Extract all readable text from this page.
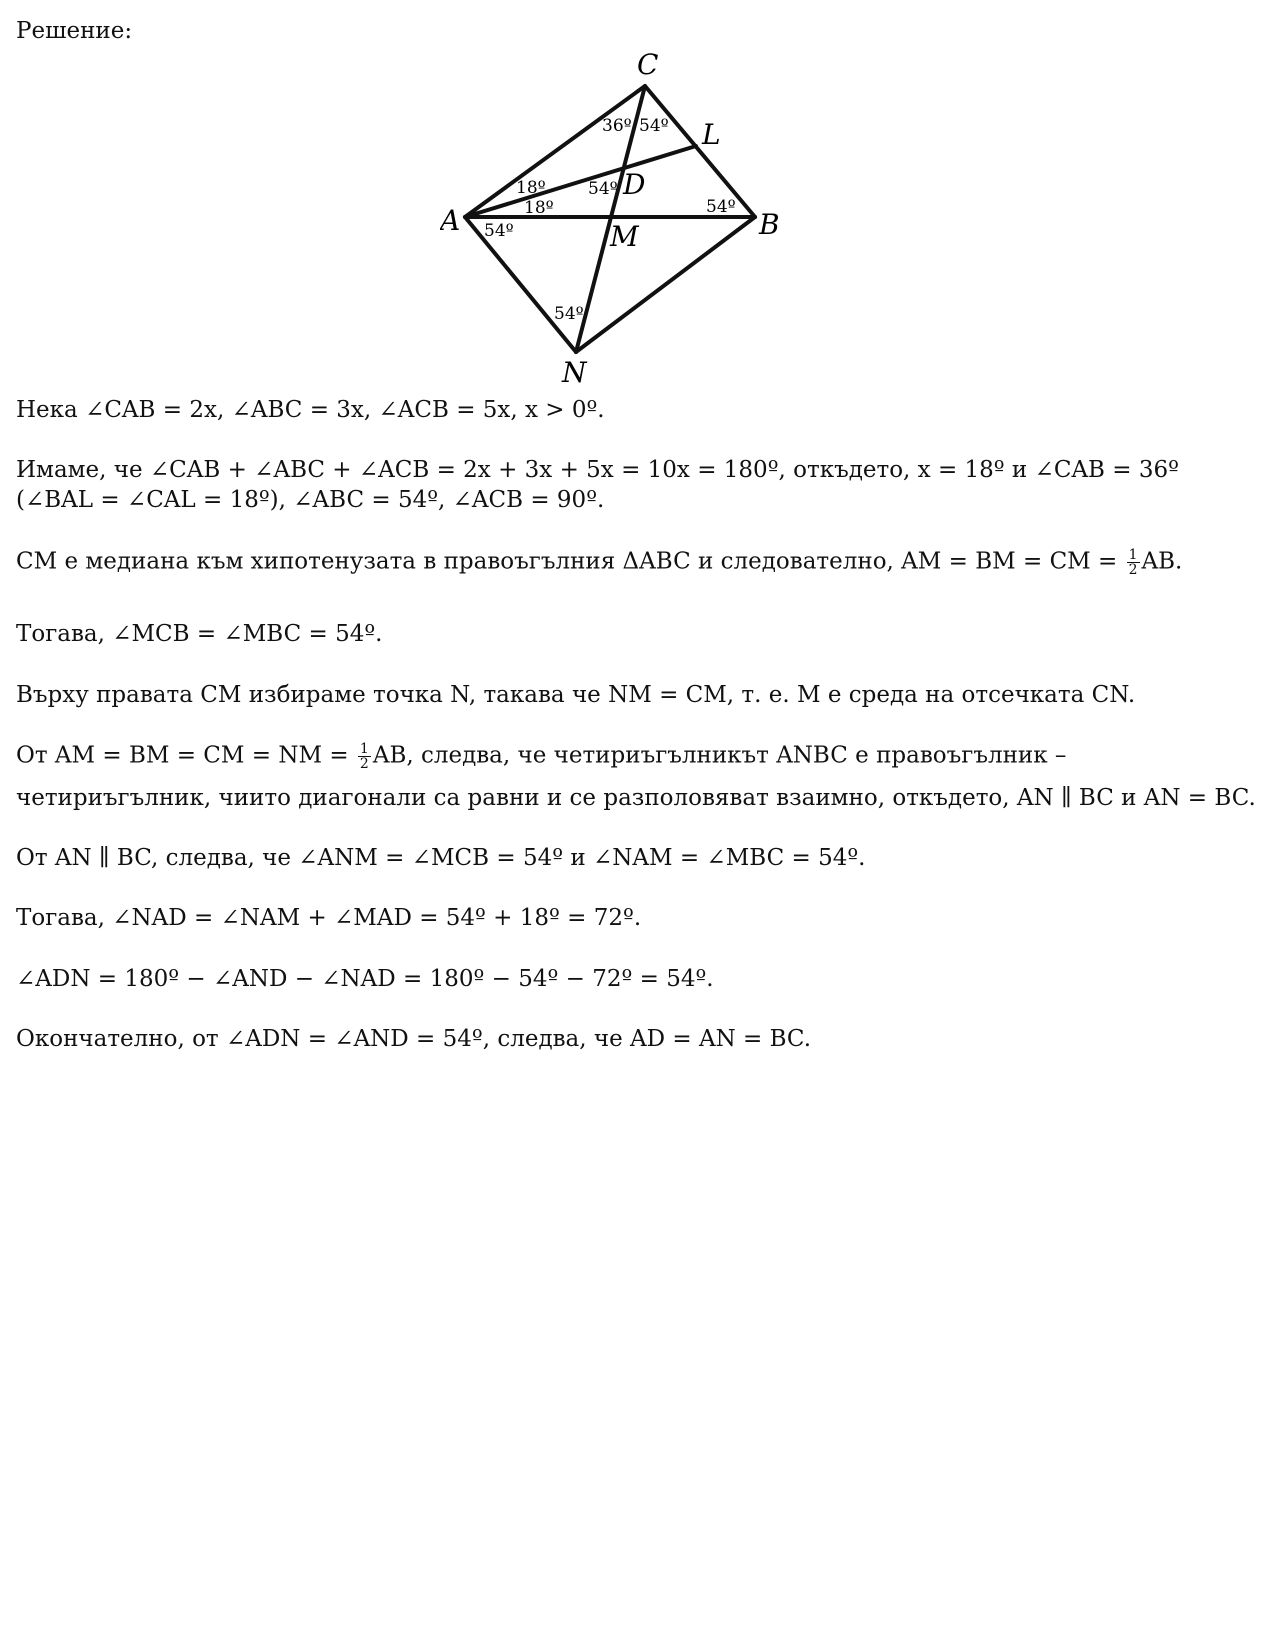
Решение:
C
L
D
A	B
M
N
36º 54º
18º
18º
54º
54º
54º
54º
Нека ∠CAB = 2x, ∠ABC = 3x, ∠ACB = 5x, x > 0º.
Имаме, че ∠CAB + ∠ABC + ∠ACB = 2x + 3x + 5x = 10x = 180º, откъдето, x = 18º и ∠CAB = 36º
(∠BAL = ∠CAL = 18º), ∠ABC = 54º, ∠ACB = 90º.
CM е медиана към хипотенузата в правоъгълния ΔABC и следователно, AM = BM = CM = $\frac{1}{2}$ AB.
Тогава, ∠MCB = ∠MBC = 54º.
Върху правата CM избираме точка N, такава че NM = CM, т. е. M е среда на отсечката CN.
От AM = BM = CM = NM = $\frac{1}{2}$ AB, следва, че четириъгълникът ANBC е правоъгълник –
четириъгълник, чиито диагонали са равни и се разполовяват взаимно, откъдето, AN ∥ BC и AN = BC.
От AN ∥ BC, следва, че ∠ANM = ∠MCB = 54º и ∠NAM = ∠MBC = 54º.
Тогава, ∠NAD = ∠NAM + ∠MAD = 54º + 18º = 72º.
∠ADN = 180º − ∠AND − ∠NAD = 180º − 54º − 72º = 54º.
Окончателно, от ∠ADN = ∠AND = 54º, следва, че AD = AN = BC.
